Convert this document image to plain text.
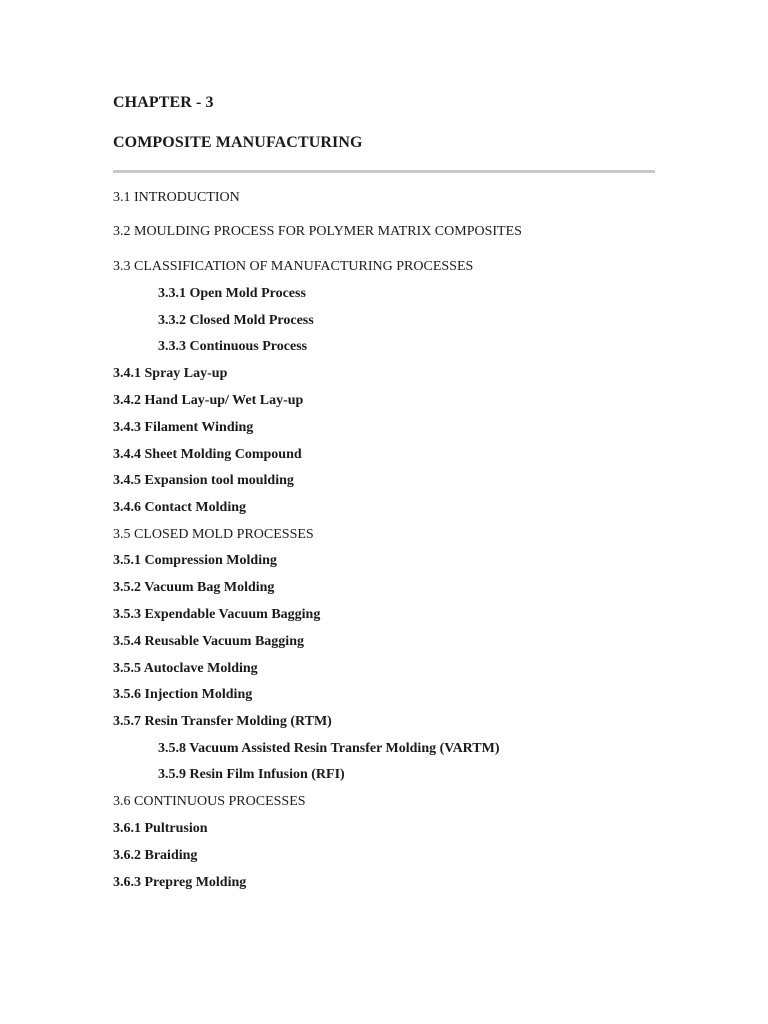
CHAPTER - 3
COMPOSITE MANUFACTURING
3.1 INTRODUCTION
3.2 MOULDING PROCESS FOR POLYMER MATRIX COMPOSITES
3.3 CLASSIFICATION OF MANUFACTURING PROCESSES
3.3.1 Open Mold Process
3.3.2 Closed Mold Process
3.3.3 Continuous Process
3.4.1 Spray Lay-up
3.4.2 Hand Lay-up/ Wet Lay-up
3.4.3 Filament Winding
3.4.4 Sheet Molding Compound
3.4.5 Expansion tool moulding
3.4.6 Contact Molding
3.5 CLOSED MOLD PROCESSES
3.5.1 Compression Molding
3.5.2 Vacuum Bag Molding
3.5.3 Expendable Vacuum Bagging
3.5.4 Reusable Vacuum Bagging
3.5.5 Autoclave Molding
3.5.6 Injection Molding
3.5.7 Resin Transfer Molding (RTM)
3.5.8 Vacuum Assisted Resin Transfer Molding (VARTM)
3.5.9 Resin Film Infusion (RFI)
3.6 CONTINUOUS PROCESSES
3.6.1 Pultrusion
3.6.2 Braiding
3.6.3 Prepreg Molding
